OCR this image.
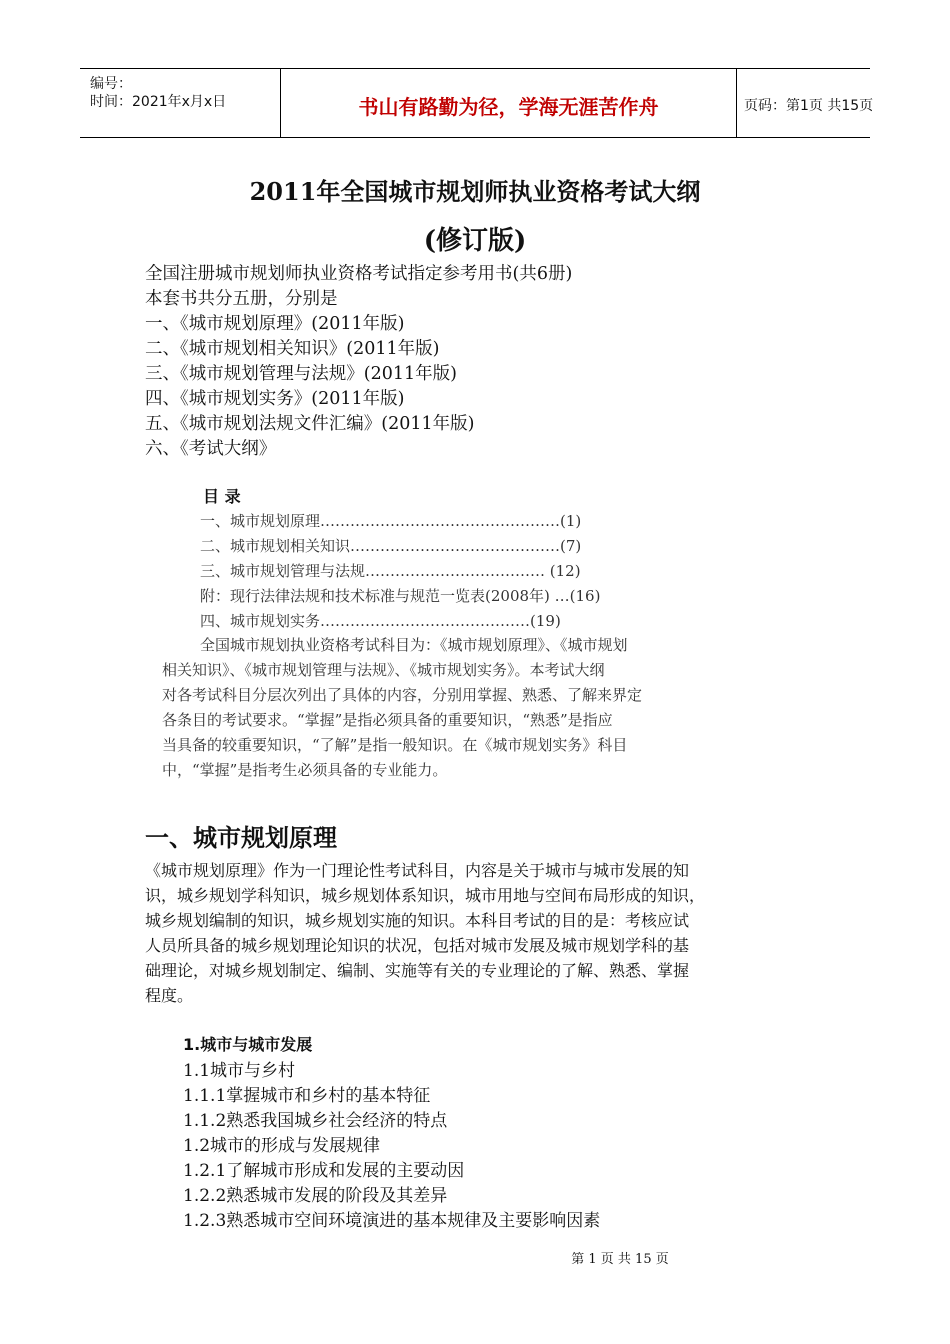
编号：
时间：2021年x月x日	书山有路勤为径，学海无涯苦作舟	页码：第1页 共15页
2011年全国城市规划师执业资格考试大纲
(修订版)
全国注册城市规划师执业资格考试指定参考用书(共6册)
本套书共分五册，分别是
一、《城市规划原理》(2011年版)
二、《城市规划相关知识》(2011年版)
三、《城市规划管理与法规》(2011年版)
四、《城市规划实务》(2011年版)
五、《城市规划法规文件汇编》(2011年版)
六、《考试大纲》
目 录
一、城市规划原理…………………………………………(1)
二、城市规划相关知识……………………………………(7)
三、城市规划管理与法规……………………………… (12)
附：现行法律法规和技术标准与规范一览表(2008年) …(16)
四、城市规划实务……………………………………(19)
全国城市规划执业资格考试科目为：《城市规划原理》、《城市规划
相关知识》、《城市规划管理与法规》、《城市规划实务》。本考试大纲
对各考试科目分层次列出了具体的内容，分别用掌握、熟悉、了解来界定
各条目的考试要求。“掌握”是指必须具备的重要知识，“熟悉”是指应
当具备的较重要知识，“了解”是指一般知识。在《城市规划实务》科目
中，“掌握”是指考生必须具备的专业能力。
一、城市规划原理
《城市规划原理》作为一门理论性考试科目，内容是关于城市与城市发展的知
识，城乡规划学科知识，城乡规划体系知识，城市用地与空间布局形成的知识，
城乡规划编制的知识，城乡规划实施的知识。本科目考试的目的是：考核应试
人员所具备的城乡规划理论知识的状况，包括对城市发展及城市规划学科的基
础理论，对城乡规划制定、编制、实施等有关的专业理论的了解、熟悉、掌握
程度。
1.城市与城市发展
1.1城市与乡村
1.1.1掌握城市和乡村的基本特征
1.1.2熟悉我国城乡社会经济的特点
1.2城市的形成与发展规律
1.2.1了解城市形成和发展的主要动因
1.2.2熟悉城市发展的阶段及其差异
1.2.3熟悉城市空间环境演进的基本规律及主要影响因素
第 1 页 共 15 页
